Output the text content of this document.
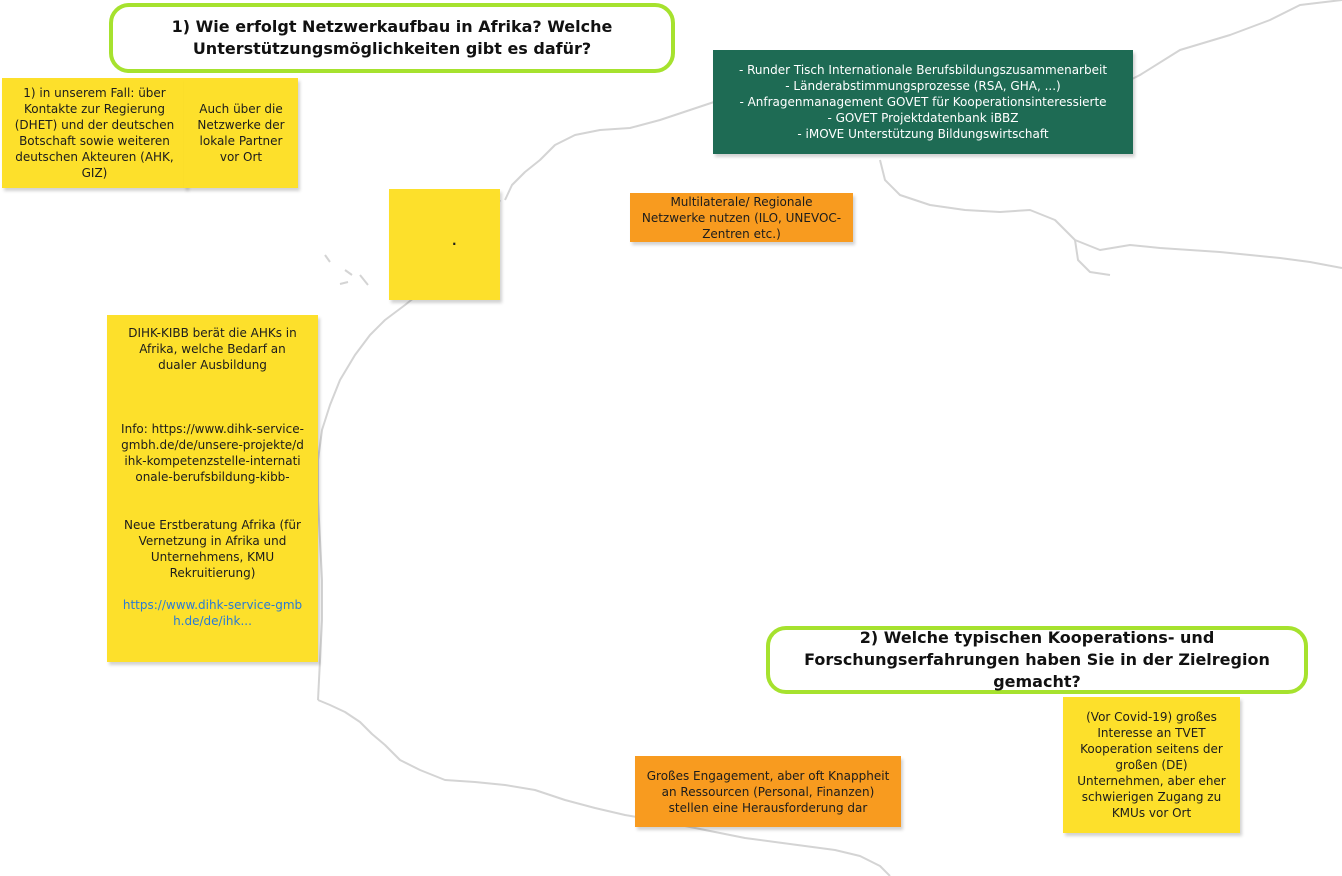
1) Wie erfolgt Netzwerkaufbau in Afrika? Welche Unterstützungsmöglichkeiten gibt es dafür?
1) in unserem Fall: über Kontakte zur Regierung (DHET) und der deutschen Botschaft sowie weiteren deutschen Akteuren (AHK, GIZ)
Auch über die Netzwerke der lokale Partner vor Ort
- Runder Tisch Internationale Berufsbildungszusammenarbeit
- Länderabstimmungsprozesse (RSA, GHA, ...)
- Anfragenmanagement GOVET für Kooperationsinteressierte
- GOVET Projektdatenbank iBBZ
- iMOVE Unterstützung Bildungswirtschaft
.
Multilaterale/ Regionale Netzwerke nutzen (ILO, UNEVOC-Zentren etc.)
DIHK-KIBB berät die AHKs in Afrika, welche Bedarf an dualer Ausbildung
Info: https://www.dihk-service-gmbh.de/de/unsere-projekte/dihk-kompetenzstelle-internationale-berufsbildung-kibb-
Neue Erstberatung Afrika (für Vernetzung in Afrika und Unternehmens, KMU Rekruitierung)
https://www.dihk-service-gmbh.de/de/ihk...
2) Welche typischen Kooperations- und Forschungserfahrungen haben Sie in der Zielregion gemacht?
Großes Engagement, aber oft Knappheit an Ressourcen (Personal, Finanzen) stellen eine Herausforderung dar
(Vor Covid-19) großes Interesse an TVET Kooperation seitens der großen (DE) Unternehmen, aber eher schwierigen Zugang zu KMUs vor Ort
